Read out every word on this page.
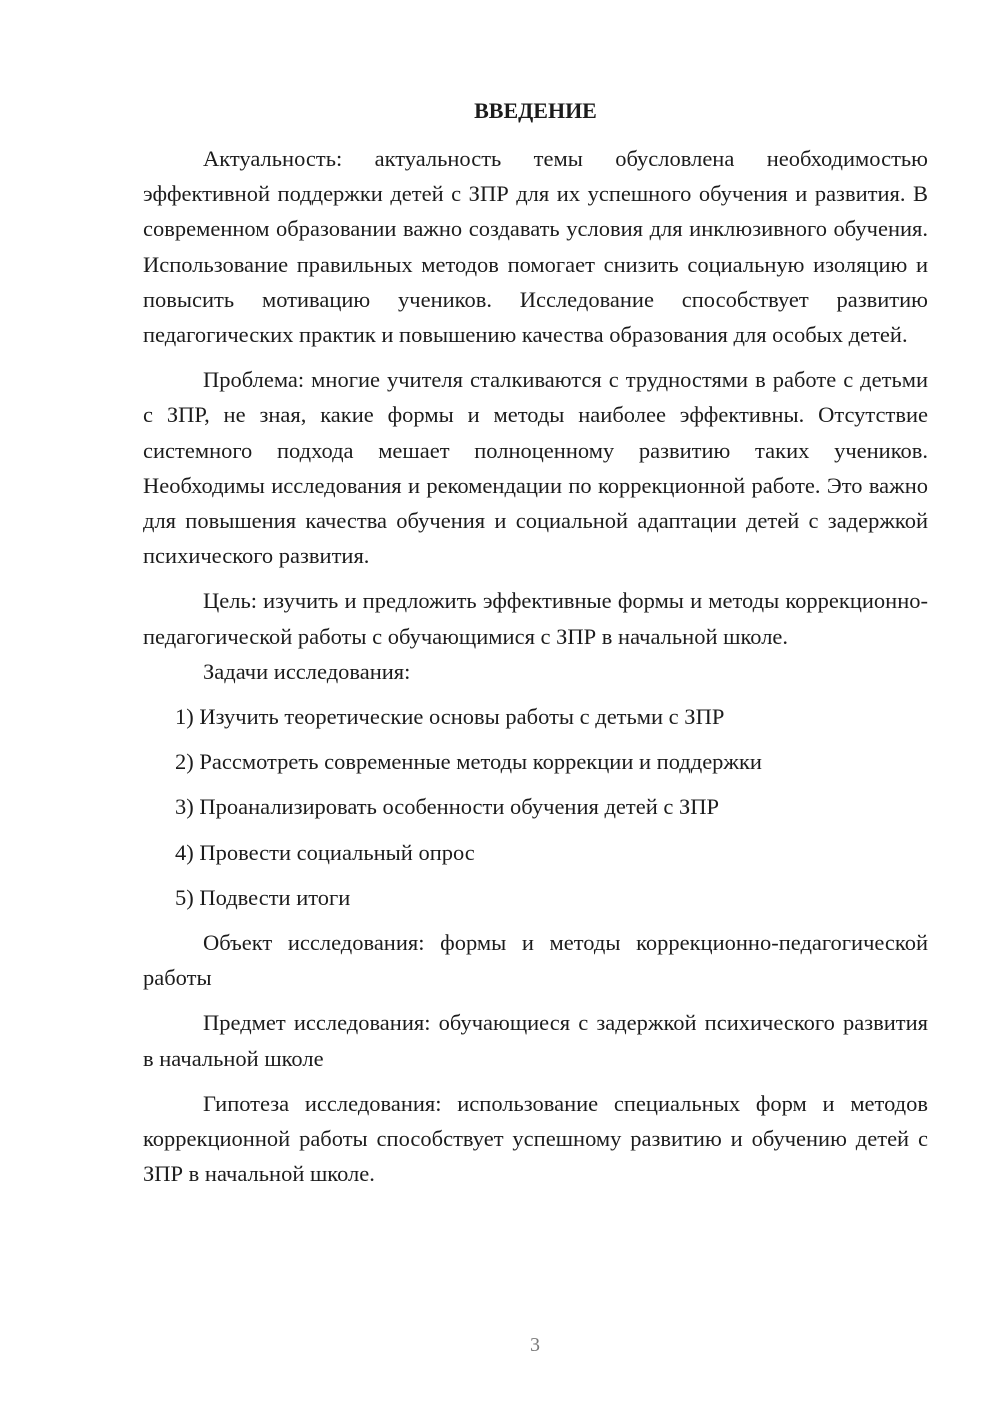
ВВЕДЕНИЕ

Актуальность: актуальность темы обусловлена необходимостью эффективной поддержки детей с ЗПР для их успешного обучения и развития. В современном образовании важно создавать условия для инклюзивного обучения. Использование правильных методов помогает снизить социальную изоляцию и повысить мотивацию учеников. Исследование способствует развитию педагогических практик и повышению качества образования для особых детей.

Проблема: многие учителя сталкиваются с трудностями в работе с детьми с ЗПР, не зная, какие формы и методы наиболее эффективны. Отсутствие системного подхода мешает полноценному развитию таких учеников. Необходимы исследования и рекомендации по коррекционной работе. Это важно для повышения качества обучения и социальной адаптации детей с задержкой психического развития.

Цель: изучить и предложить эффективные формы и методы коррекционно-педагогической работы с обучающимися с ЗПР в начальной школе.

Задачи исследования:

1) Изучить теоретические основы работы с детьми с ЗПР
2) Рассмотреть современные методы коррекции и поддержки
3) Проанализировать особенности обучения детей с ЗПР
4) Провести социальный опрос
5) Подвести итоги

Объект исследования: формы и методы коррекционно-педагогической работы

Предмет исследования: обучающиеся с задержкой психического развития в начальной школе

Гипотеза исследования: использование специальных форм и методов коррекционной работы способствует успешному развитию и обучению детей с ЗПР в начальной школе.

3
